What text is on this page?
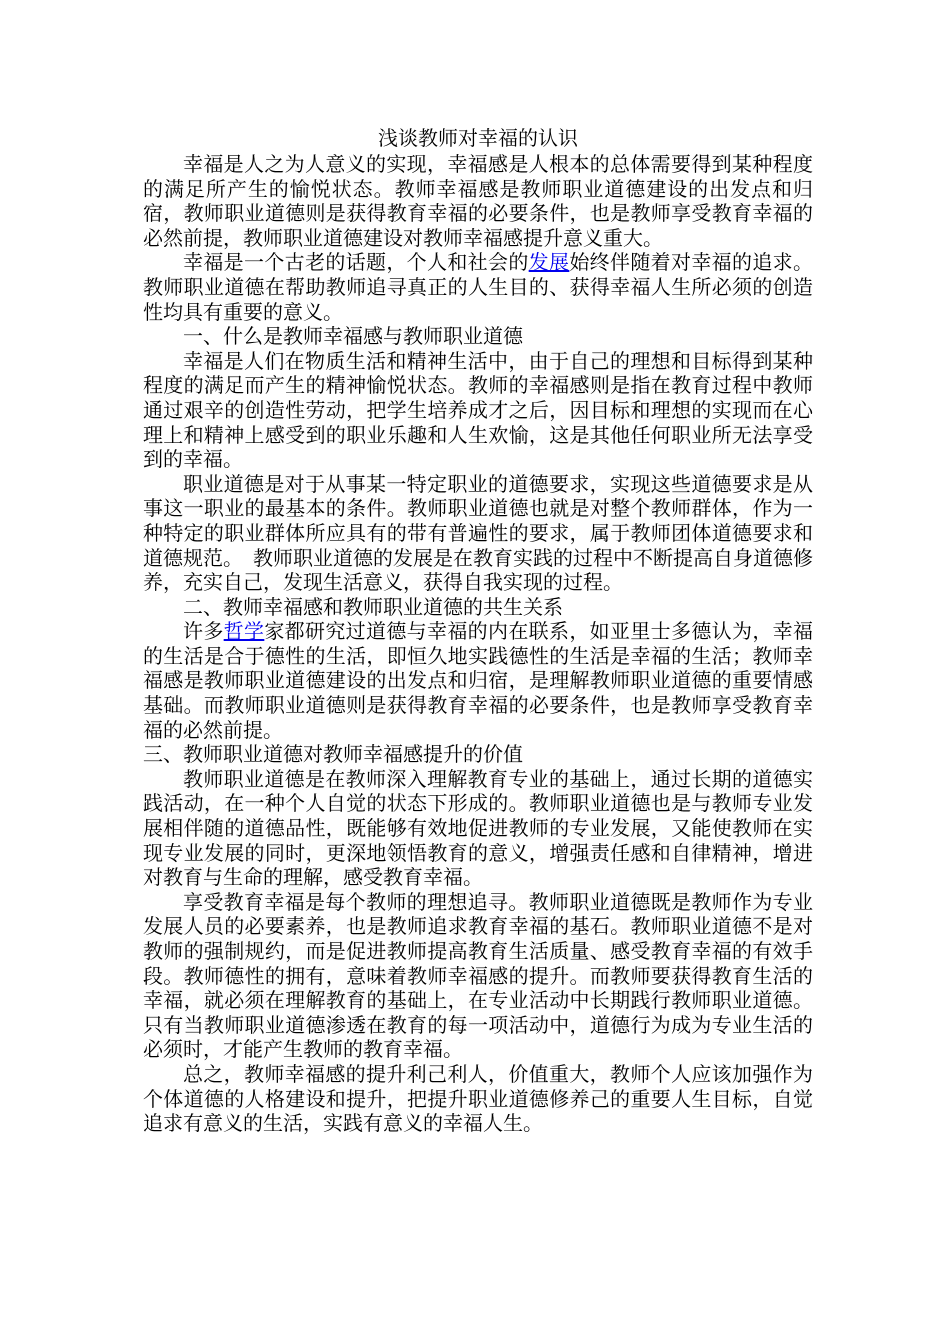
浅谈教师对幸福的认识

幸福是人之为人意义的实现，幸福感是人根本的总体需要得到某种程度的满足所产生的愉悦状态。教师幸福感是教师职业道德建设的出发点和归宿，教师职业道德则是获得教育幸福的必要条件，也是教师享受教育幸福的必然前提，教师职业道德建设对教师幸福感提升意义重大。

幸福是一个古老的话题，个人和社会的发展始终伴随着对幸福的追求。教师职业道德在帮助教师追寻真正的人生目的、获得幸福人生所必须的创造性均具有重要的意义。

一、什么是教师幸福感与教师职业道德

幸福是人们在物质生活和精神生活中，由于自己的理想和目标得到某种程度的满足而产生的精神愉悦状态。教师的幸福感则是指在教育过程中教师通过艰辛的创造性劳动，把学生培养成才之后，因目标和理想的实现而在心理上和精神上感受到的职业乐趣和人生欢愉，这是其他任何职业所无法享受到的幸福。

职业道德是对于从事某一特定职业的道德要求，实现这些道德要求是从事这一职业的最基本的条件。教师职业道德也就是对整个教师群体，作为一种特定的职业群体所应具有的带有普遍性的要求，属于教师团体道德要求和道德规范。　教师职业道德的发展是在教育实践的过程中不断提高自身道德修养，充实自己，发现生活意义，获得自我实现的过程。

二、教师幸福感和教师职业道德的共生关系

许多哲学家都研究过道德与幸福的内在联系，如亚里士多德认为，幸福的生活是合于德性的生活，即恒久地实践德性的生活是幸福的生活；教师幸福感是教师职业道德建设的出发点和归宿，是理解教师职业道德的重要情感基础。而教师职业道德则是获得教育幸福的必要条件，也是教师享受教育幸福的必然前提。

三、教师职业道德对教师幸福感提升的价值

教师职业道德是在教师深入理解教育专业的基础上，通过长期的道德实践活动，在一种个人自觉的状态下形成的。教师职业道德也是与教师专业发展相伴随的道德品性，既能够有效地促进教师的专业发展，又能使教师在实现专业发展的同时，更深地领悟教育的意义，增强责任感和自律精神，增进对教育与生命的理解，感受教育幸福。

享受教育幸福是每个教师的理想追寻。教师职业道德既是教师作为专业发展人员的必要素养，也是教师追求教育幸福的基石。教师职业道德不是对教师的强制规约，而是促进教师提高教育生活质量、感受教育幸福的有效手段。教师德性的拥有，意味着教师幸福感的提升。而教师要获得教育生活的幸福，就必须在理解教育的基础上，在专业活动中长期践行教师职业道德。只有当教师职业道德渗透在教育的每一项活动中，道德行为成为专业生活的必须时，才能产生教师的教育幸福。

总之，教师幸福感的提升利己利人，价值重大，教师个人应该加强作为个体道德的人格建设和提升，把提升职业道德修养己的重要人生目标，自觉追求有意义的生活，实践有意义的幸福人生。
